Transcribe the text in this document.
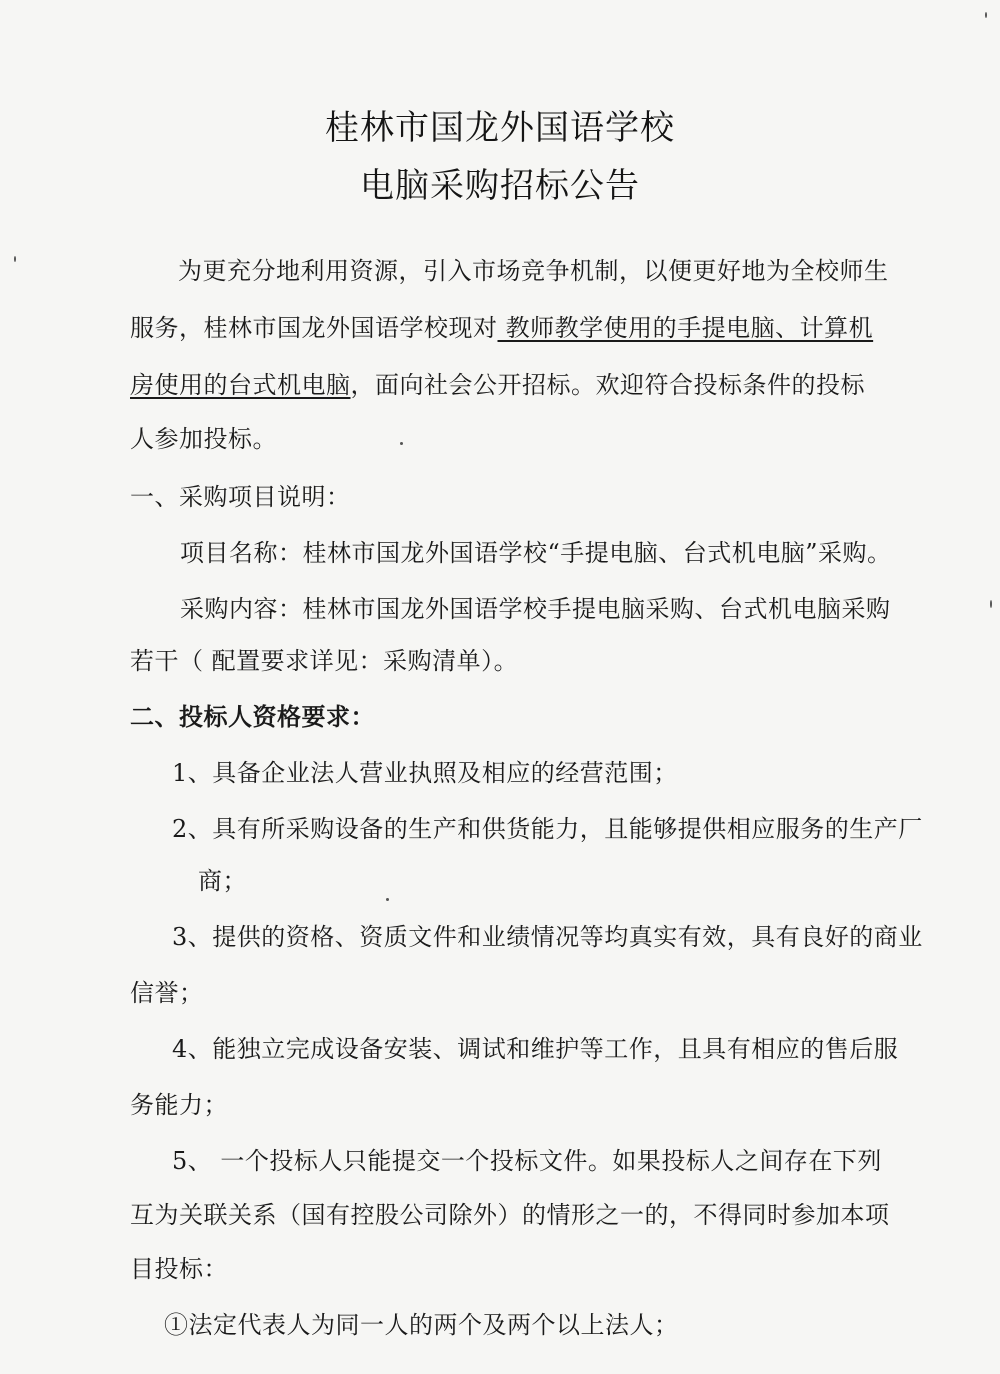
桂林市国龙外国语学校
电脑采购招标公告
为更充分地利用资源，引入市场竞争机制，以便更好地为全校师生
服务，桂林市国龙外国语学校现对 教师教学使用的手提电脑、计算机
房使用的台式机电脑，面向社会公开招标。欢迎符合投标条件的投标
人参加投标。
一、采购项目说明：
项目名称：桂林市国龙外国语学校“手提电脑、台式机电脑”采购。
采购内容：桂林市国龙外国语学校手提电脑采购、台式机电脑采购
若干（ 配置要求详见：采购清单）。
二、投标人资格要求：
1、具备企业法人营业执照及相应的经营范围；
2、具有所采购设备的生产和供货能力，且能够提供相应服务的生产厂
商；
3、提供的资格、资质文件和业绩情况等均真实有效，具有良好的商业
信誉；
4、能独立完成设备安装、调试和维护等工作，且具有相应的售后服
务能力；
5、 一个投标人只能提交一个投标文件。如果投标人之间存在下列
互为关联关系（国有控股公司除外）的情形之一的，不得同时参加本项
目投标：
①法定代表人为同一人的两个及两个以上法人；
